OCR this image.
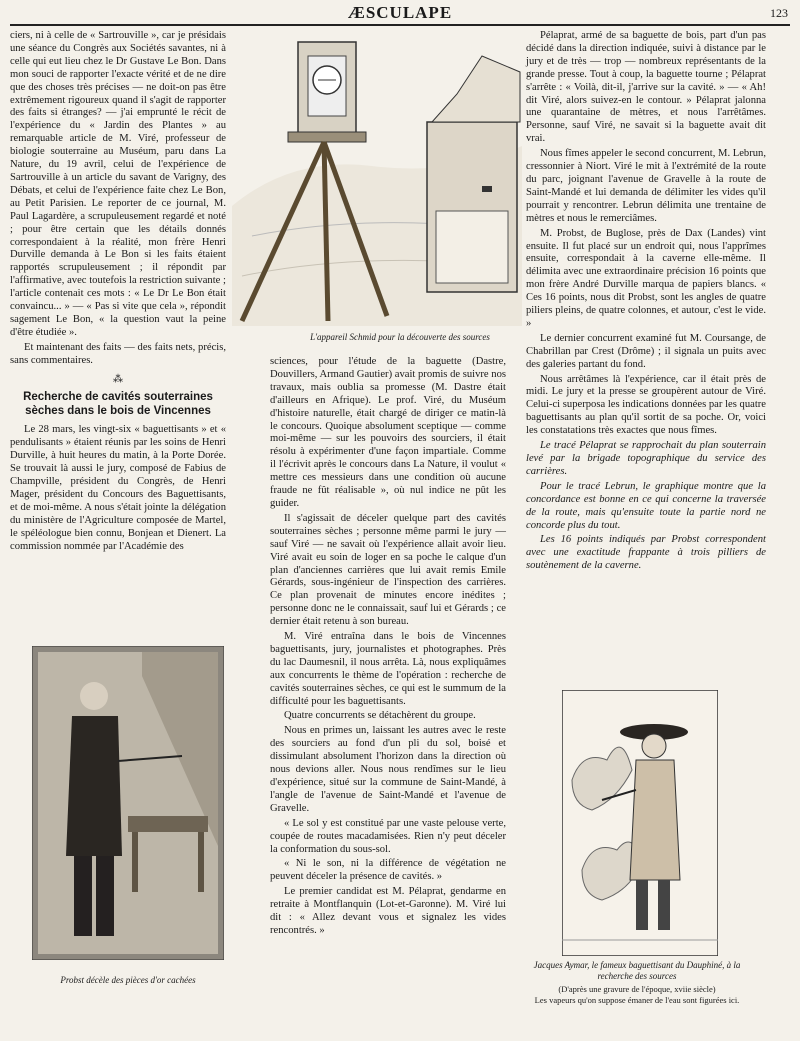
ÆSCULAPE	123

ciers, ni à celle de « Sartrouville », car je présidais une séance du Congrès aux Sociétés savantes, ni à celle qui eut lieu chez le Dr Gustave Le Bon. Dans mon souci de rapporter l'exacte vérité et de ne dire que des choses très précises — ne doit-on pas être extrêmement rigoureux quand il s'agit de rapporter des faits si étranges? — j'ai emprunté le récit de l'expérience du « Jardin des Plantes » au remarquable article de M. Viré, professeur de biologie souterraine au Muséum, paru dans La Nature, du 19 avril, celui de l'expérience de Sartrouville à un article du savant de Varigny, des Débats, et celui de l'expérience faite chez Le Bon, au Petit Parisien. Le reporter de ce journal, M. Paul Lagardère, a scrupuleusement regardé et noté ; pour être certain que les détails donnés correspondaient à la réalité, mon frère Henri Durville demanda à Le Bon si les faits étaient rapportés scrupuleusement ; il répondit par l'affirmative, avec toutefois la restriction suivante ; l'article contenait ces mots : « Le Dr Le Bon était convaincu... » — « Pas si vite que cela », répondit sagement Le Bon, « la question vaut la peine d'être étudiée ».

Et maintenant des faits — des faits nets, précis, sans commentaires.

⁂
Recherche de cavités souterraines sèches dans le bois de Vincennes

Le 28 mars, les vingt-six « baguettisants » et « pendulisants » étaient réunis par les soins de Henri Durville, à huit heures du matin, à la Porte Dorée. Se trouvait là aussi le jury, composé de Fabius de Champville, président du Congrès, de Henri Mager, président du Concours des Baguettisants, et de moi-même. A nous s'était jointe la délégation du ministère de l'Agriculture composée de Martel, le spéléologue bien connu, Bonjean et Dienert. La commission nommée par l'Académie des

L'appareil Schmid pour la découverte des sources
Probst décèle des pièces d'or cachées

sciences, pour l'étude de la baguette (Dastre, Douvillers, Armand Gautier) avait promis de suivre nos travaux, mais oublia sa promesse (M. Dastre était d'ailleurs en Afrique). Le prof. Viré, du Muséum d'histoire naturelle, était chargé de diriger ce matin-là le concours. Quoique absolument sceptique — comme moi-même — sur les pouvoirs des sourciers, il était résolu à expérimenter d'une façon impartiale. Comme il l'écrivit après le concours dans La Nature, il voulut « mettre ces messieurs dans une condition où aucune fraude ne fût réalisable », où nul indice ne pût les guider.

Il s'agissait de déceler quelque part des cavités souterraines sèches ; personne même parmi le jury — sauf Viré — ne savait où l'expérience allait avoir lieu. Viré avait eu soin de loger en sa poche le calque d'un plan d'anciennes carrières que lui avait remis Emile Gérards, sous-ingénieur de l'inspection des carrières. Ce plan provenait de minutes encore inédites ; personne donc ne le connaissait, sauf lui et Gérards ; ce dernier était retenu à son bureau.

M. Viré entraîna dans le bois de Vincennes baguettisants, jury, journalistes et photographes. Près du lac Daumesnil, il nous arrêta. Là, nous expliquâmes aux concurrents le thème de l'opération : recherche de cavités souterraines sèches, ce qui est le summum de la difficulté pour les baguettisants.

Quatre concurrents se détachèrent du groupe.

Nous en primes un, laissant les autres avec le reste des sourciers au fond d'un pli du sol, boisé et dissimulant absolument l'horizon dans la direction où nous devions aller. Nous nous rendîmes sur le lieu d'expérience, situé sur la commune de Saint-Mandé, à l'angle de l'avenue de Saint-Mandé et l'avenue de Gravelle.

« Le sol y est constitué par une vaste pelouse verte, coupée de routes macadamisées. Rien n'y peut déceler la conformation du sous-sol.

« Ni le son, ni la différence de végétation ne peuvent déceler la présence de cavités. »

Le premier candidat est M. Pélaprat, gendarme en retraite à Montflanquin (Lot-et-Garonne). M. Viré lui dit : « Allez devant vous et signalez les vides rencontrés. »

Pélaprat, armé de sa baguette de bois, part d'un pas décidé dans la direction indiquée, suivi à distance par le jury et de très — trop — nombreux représentants de la grande presse. Tout à coup, la baguette tourne ; Pélaprat s'arrête : « Voilà, dit-il, j'arrive sur la cavité. » — « Ah! dit Viré, alors suivez-en le contour. » Pélaprat jalonna une quarantaine de mètres, et nous l'arrêtâmes. Personne, sauf Viré, ne savait si la baguette avait dit vrai.

Nous fîmes appeler le second concurrent, M. Lebrun, cressonnier à Niort. Viré le mit à l'extrémité de la route du parc, joignant l'avenue de Gravelle à la route de Saint-Mandé et lui demanda de délimiter les vides qu'il pourrait y rencontrer. Lebrun délimita une trentaine de mètres et nous le remerciâmes.

M. Probst, de Buglose, près de Dax (Landes) vint ensuite. Il fut placé sur un endroit qui, nous l'apprîmes ensuite, correspondait à la caverne elle-même. Il délimita avec une extraordinaire précision 16 points que mon frère André Durville marqua de papiers blancs. « Ces 16 points, nous dit Probst, sont les angles de quatre piliers pleins, de quatre colonnes, et autour, c'est le vide. »

Le dernier concurrent examiné fut M. Coursange, de Chabrillan par Crest (Drôme) ; il signala un puits avec des galeries partant du fond.

Nous arrêtâmes là l'expérience, car il était près de midi. Le jury et la presse se groupèrent autour de Viré. Celui-ci superposa les indications données par les quatre baguettisants au plan qu'il sortit de sa poche. Or, voici les constatations très exactes que nous fîmes.

Le tracé Pélaprat se rapprochait du plan souterrain levé par la brigade topographique du service des carrières.

Pour le tracé Lebrun, le graphique montre que la concordance est bonne en ce qui concerne la traversée de la route, mais qu'ensuite toute la partie nord ne concorde plus du tout.

Les 16 points indiqués par Probst correspondent avec une exactitude frappante à trois pilliers de soutènement de la caverne.

Jacques Aymar, le fameux baguettisant du Dauphiné, à la recherche des sources
(D'après une gravure de l'époque, xviie siècle)
Les vapeurs qu'on suppose émaner de l'eau sont figurées ici.
